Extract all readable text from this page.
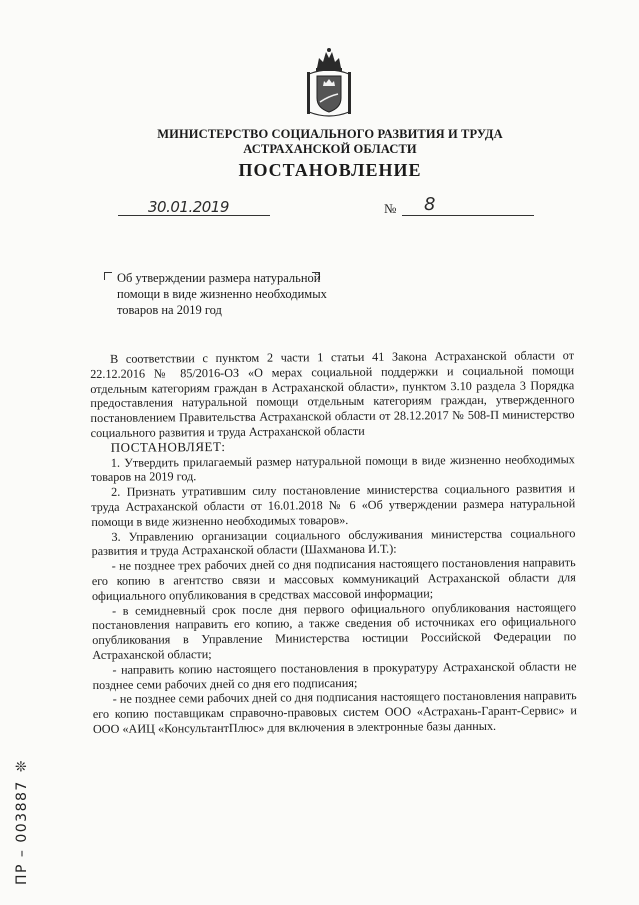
МИНИСТЕРСТВО СОЦИАЛЬНОГО РАЗВИТИЯ И ТРУДА
АСТРАХАНСКОЙ ОБЛАСТИ
ПОСТАНОВЛЕНИЕ
30.01.2019	№ 8
Об утверждении размера натуральной помощи в виде жизненно необходимых товаров на 2019 год

В соответствии с пунктом 2 части 1 статьи 41 Закона Астраханской области от 22.12.2016 № 85/2016-ОЗ «О мерах социальной поддержки и социальной помощи отдельным категориям граждан в Астраханской области», пунктом 3.10 раздела 3 Порядка предоставления натуральной помощи отдельным категориям граждан, утвержденного постановлением Правительства Астраханской области от 28.12.2017 № 508-П министерство социального развития и труда Астраханской области

ПОСТАНОВЛЯЕТ:

1. Утвердить прилагаемый размер натуральной помощи в виде жизненно необходимых товаров на 2019 год.

2. Признать утратившим силу постановление министерства социального развития и труда Астраханской области от 16.01.2018 № 6 «Об утверждении размера натуральной помощи в виде жизненно необходимых товаров».

3. Управлению организации социального обслуживания министерства социального развития и труда Астраханской области (Шахманова И.Т.):

- не позднее трех рабочих дней со дня подписания настоящего постановления направить его копию в агентство связи и массовых коммуникаций Астраханской области для официального опубликования в средствах массовой информации;

- в семидневный срок после дня первого официального опубликования настоящего постановления направить его копию, а также сведения об источниках его официального опубликования в Управление Министерства юстиции Российской Федерации по Астраханской области;

- направить копию настоящего постановления в прокуратуру Астраханской области не позднее семи рабочих дней со дня его подписания;

- не позднее семи рабочих дней со дня подписания настоящего постановления направить его копию поставщикам справочно-правовых систем ООО «Астрахань-Гарант-Сервис» и ООО «АИЦ «КонсультантПлюс» для включения в электронные базы данных.

ПР – 003887❊
